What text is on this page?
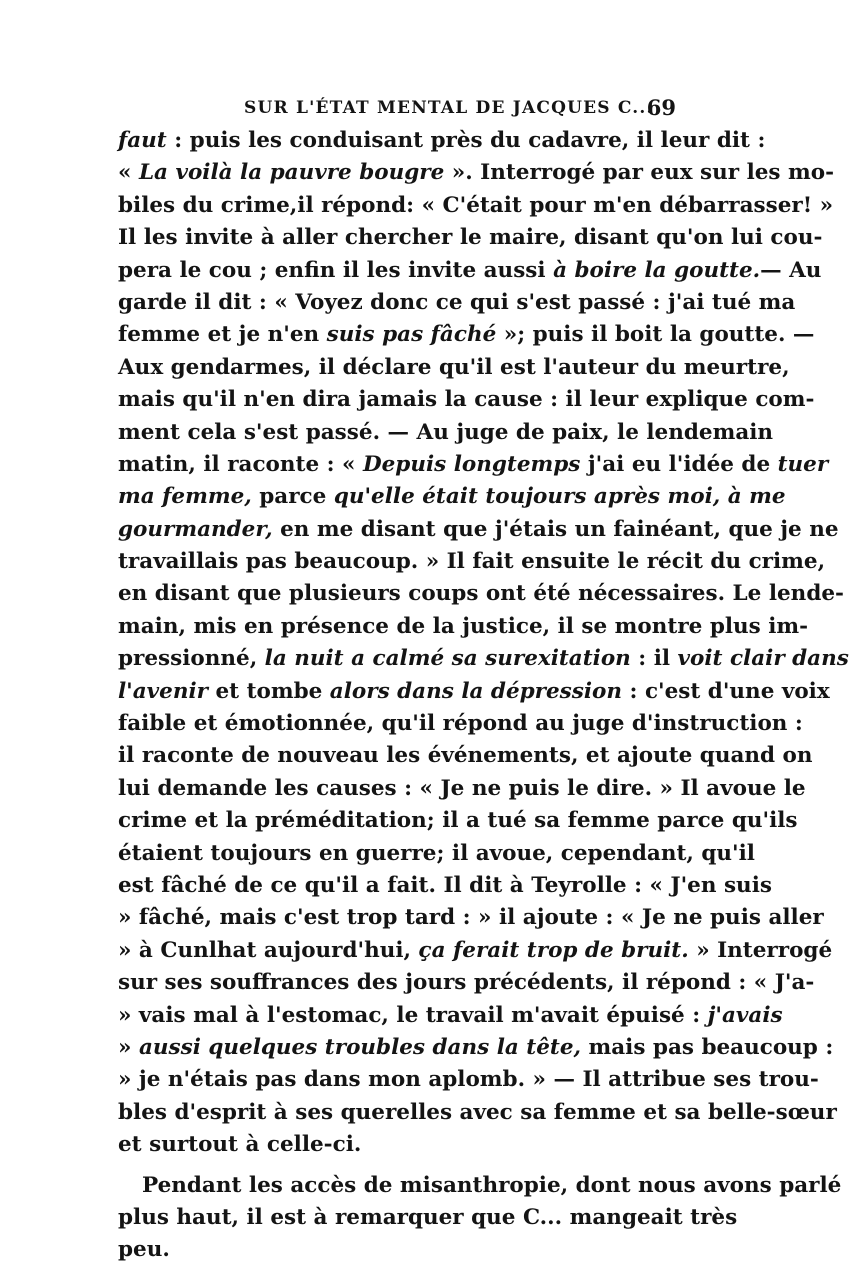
SUR L'ÉTAT MENTAL DE JACQUES C...
69
faut : puis les conduisant près du cadavre, il leur dit :
« La voilà la pauvre bougre ». Interrogé par eux sur les mo-
biles du crime,il répond: « C'était pour m'en débarrasser! »
Il les invite à aller chercher le maire, disant qu'on lui cou-
pera le cou ; enfin il les invite aussi à boire la goutte.— Au
garde il dit : « Voyez donc ce qui s'est passé : j'ai tué ma
femme et je n'en suis pas fâché »; puis il boit la goutte. —
Aux gendarmes, il déclare qu'il est l'auteur du meurtre,
mais qu'il n'en dira jamais la cause : il leur explique com-
ment cela s'est passé. — Au juge de paix, le lendemain
matin, il raconte : « Depuis longtemps j'ai eu l'idée de tuer
ma femme, parce qu'elle était toujours après moi, à me
gourmander, en me disant que j'étais un fainéant, que je ne
travaillais pas beaucoup. » Il fait ensuite le récit du crime,
en disant que plusieurs coups ont été nécessaires. Le lende-
main, mis en présence de la justice, il se montre plus im-
pressionné, la nuit a calmé sa surexitation : il voit clair dans
l'avenir et tombe alors dans la dépression : c'est d'une voix
faible et émotionnée, qu'il répond au juge d'instruction :
il raconte de nouveau les événements, et ajoute quand on
lui demande les causes : « Je ne puis le dire. » Il avoue le
crime et la préméditation; il a tué sa femme parce qu'ils
étaient toujours en guerre; il avoue, cependant, qu'il
est fâché de ce qu'il a fait. Il dit à Teyrolle : « J'en suis
» fâché, mais c'est trop tard : » il ajoute : « Je ne puis aller
» à Cunlhat aujourd'hui, ça ferait trop de bruit. » Interrogé
sur ses souffrances des jours précédents, il répond : « J'a-
» vais mal à l'estomac, le travail m'avait épuisé : j'avais
» aussi quelques troubles dans la tête, mais pas beaucoup :
» je n'étais pas dans mon aplomb. » — Il attribue ses trou-
bles d'esprit à ses querelles avec sa femme et sa belle-sœur
et surtout à celle-ci.
Pendant les accès de misanthropie, dont nous avons parlé
plus haut, il est à remarquer que C... mangeait très
peu.
